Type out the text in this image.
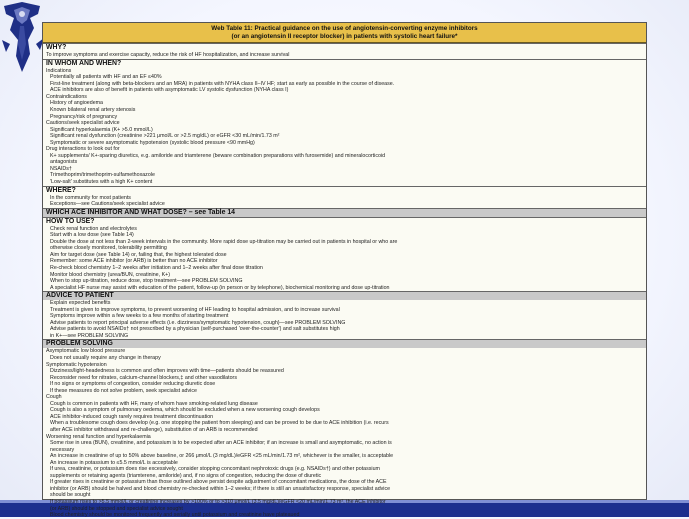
Web Table 11: Practical guidance on the use of angiotensin-converting enzyme inhibitors
(or an angiotensin II receptor blocker) in patients with systolic heart failure*
WHY?
To improve symptoms and exercise capacity, reduce the risk of HF hospitalization, and increase survival
IN WHOM AND WHEN?
Indications
Potentially all patients with HF and an EF ≤40%
First-line treatment (along with beta-blockers and an MRA) in patients with NYHA class II–IV HF; start as early as possible in the course of disease.
ACE inhibitors are also of benefit in patients with asymptomatic LV systolic dysfunction (NYHA class I)
Contraindications
History of angioedema
Known bilateral renal artery stenosis
Pregnancy/risk of pregnancy
Cautions/seek specialist advice
Significant hyperkalaemia (K+ >5.0 mmol/L)
Significant renal dysfunction (creatinine >221 μmol/L or >2.5 mg/dL) or eGFR <30 mL/min/1.73 m²
Symptomatic or severe asymptomatic hypotension (systolic blood pressure <90 mmHg)
Drug interactions to look out for
K+ supplements/ K+-sparing diuretics, e.g. amiloride and triamterene (beware combination preparations with furosemide) and mineralocorticoid
antagonists
NSAIDs†
Trimethoprim/trimethoprim-sulfamethoxazole
'Low-salt' substitutes with a high K+ content
WHERE?
In the community for most patients
Exceptions—see Cautions/seek specialist advice
WHICH ACE INHIBITOR AND WHAT DOSE? – see Table 14
HOW TO USE?
Check renal function and electrolytes
Start with a low dose (see Table 14)
Double the dose at not less than 2-week intervals in the community. More rapid dose up-titration may be carried out in patients in hospital or who are
otherwise closely monitored, tolerability permitting
Aim for target dose (see Table 14) or, failing that, the highest tolerated dose
Remember: some ACE inhibitor (or ARB) is better than no ACE inhibitor
Re-check blood chemistry 1–2 weeks after initiation and 1–2 weeks after final dose titration
Monitor blood chemistry (urea/BUN, creatinine, K+)
When to stop up-titration, reduce dose, stop treatment—see PROBLEM SOLVING
A specialist HF nurse may assist with education of the patient, follow-up (in person or by telephone), biochemical monitoring and dose up-titration
ADVICE TO PATIENT
Explain expected benefits
Treatment is given to improve symptoms, to prevent worsening of HF leading to hospital admission, and to increase survival
Symptoms improve within a few weeks to a few months of starting treatment
Advise patients to report principal adverse effects (i.e. dizziness/symptomatic hypotension, cough)—see PROBLEM SOLVING
Advise patients to avoid NSAIDs† not prescribed by a physician (self-purchased 'over-the-counter') and salt substitutes high
in K+—see PROBLEM SOLVING
PROBLEM SOLVING
Asymptomatic low blood pressure
Does not usually require any change in therapy
Symptomatic hypotension
Dizziness/light-headedness is common and often improves with time—patients should be reassured
Reconsider need for nitrates, calcium-channel blockers,‡ and other vasodilators
If no signs or symptoms of congestion, consider reducing diuretic dose
If these measures do not solve problem, seek specialist advice
Cough
Cough is common in patients with HF, many of whom have smoking-related lung disease
Cough is also a symptom of pulmonary oedema, which should be excluded when a new worsening cough develops
ACE inhibitor-induced cough rarely requires treatment discontinuation
When a troublesome cough does develop (e.g. one stopping the patient from sleeping) and can be proved to be due to ACE inhibition (i.e. recurs
after ACE inhibitor withdrawal and re-challenge), substitution of an ARB is recommended
Worsening renal function and hyperkalaemia
Some rise in urea (BUN), creatinine, and potassium is to be expected after an ACE inhibitor; if an increase is small and asymptomatic, no action is
necessary
An increase in creatinine of up to 50% above baseline, or 266 μmol/L (3 mg/dL)/eGFR <25 mL/min/1.73 m², whichever is the smaller, is acceptable
An increase in potassium to ≤5.5 mmol/L is acceptable
If urea, creatinine, or potassium does rise excessively, consider stopping concomitant nephrotoxic drugs (e.g. NSAIDs†) and other potassium
supplements or retaining agents (triamterene, amiloride) and, if no signs of congestion, reducing the dose of diuretic
If greater rises in creatinine or potassium than those outlined above persist despite adjustment of concomitant medications, the dose of the ACE
inhibitor (or ARB) should be halved and blood chemistry re-checked within 1–2 weeks; if there is still an unsatisfactory response, specialist advice
should be sought
If potassium rises to >5.5 mmol/L or creatinine increases by >100% or to >310 μmol/L (3.5 mg/dL)/eGFR <20 mL/min/1.73 m², the ACE inhibitor
(or ARB) should be stopped and specialist advice sought
Blood chemistry should be monitored frequently and serially until potassium and creatinine have plateaued
